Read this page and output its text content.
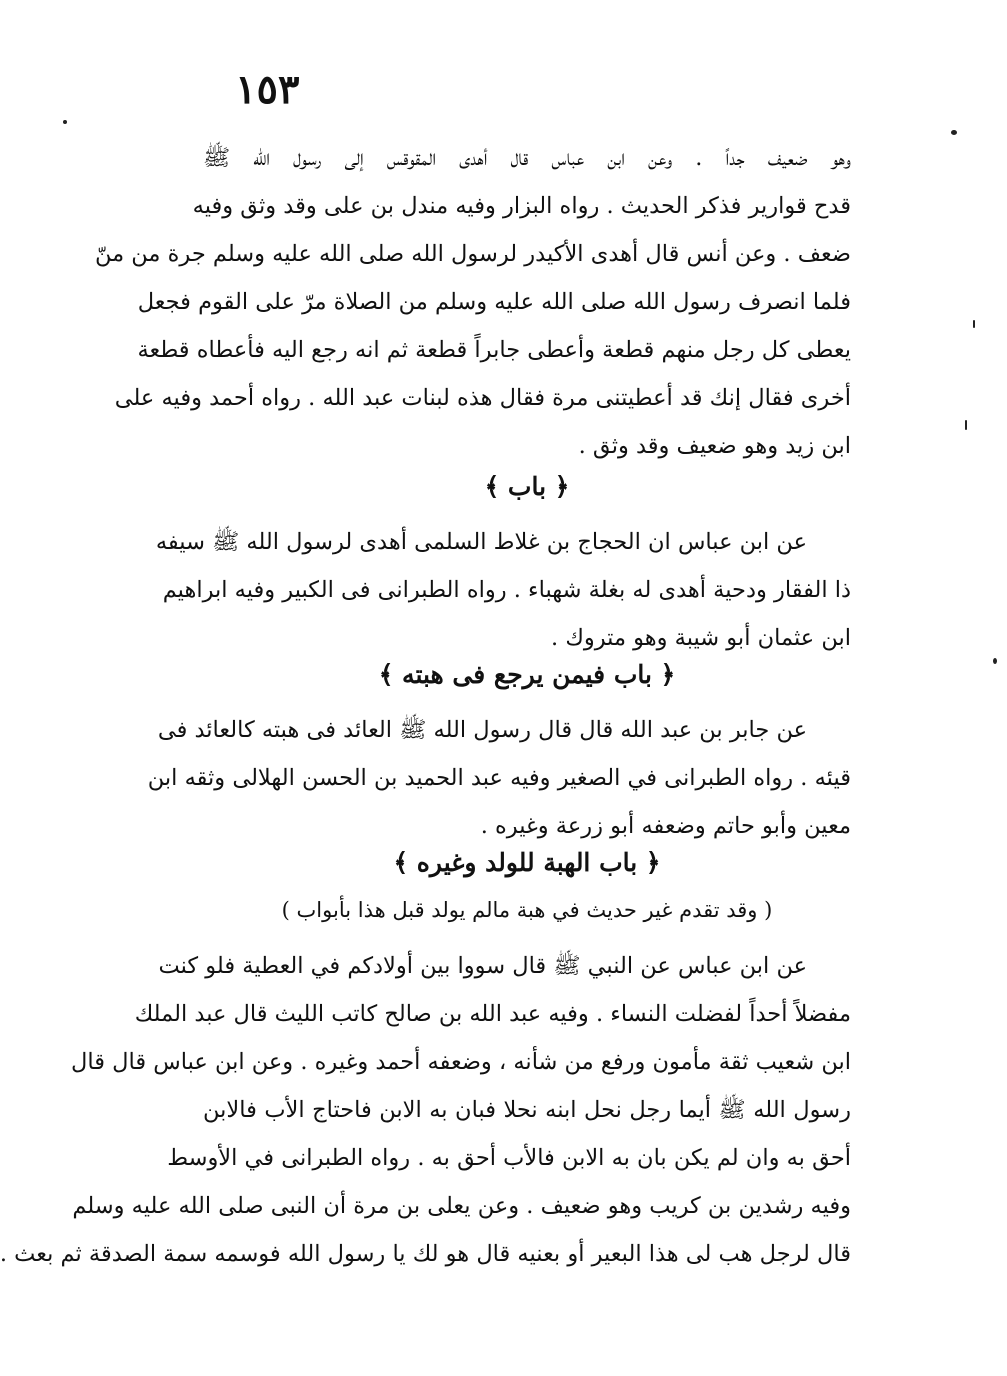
١٥٣
وهو ضعيف جداً . وعن ابن عباس قال أهدى المقوقس إلى رسول الله ﷺ
قدح قوارير فذكر الحديث . رواه البزار وفيه مندل بن على وقد وثق وفيه
ضعف . وعن أنس قال أهدى الأكيدر لرسول الله صلى الله عليه وسلم جرة من منّ
فلما انصرف رسول الله صلى الله عليه وسلم من الصلاة مرّ على القوم فجعل
يعطى كل رجل منهم قطعة وأعطى جابراً قطعة ثم انه رجع اليه فأعطاه قطعة
أخرى فقال إنك قد أعطيتنى مرة فقال هذه لبنات عبد الله . رواه أحمد وفيه على
ابن زيد وهو ضعيف وقد وثق .
﴿ باب ﴾
عن ابن عباس ان الحجاج بن غلاط السلمى أهدى لرسول الله ﷺ سيفه
ذا الفقار ودحية أهدى له بغلة شهباء . رواه الطبرانى فى الكبير وفيه ابراهيم
ابن عثمان أبو شيبة وهو متروك .
﴿ باب فيمن يرجع فى هبته ﴾
عن جابر بن عبد الله قال قال رسول الله ﷺ العائد فى هبته كالعائد فى
قيئه . رواه الطبرانى في الصغير وفيه عبد الحميد بن الحسن الهلالى وثقه ابن
معين وأبو حاتم وضعفه أبو زرعة وغيره .
﴿ باب الهبة للولد وغيره ﴾
( وقد تقدم غير حديث في هبة مالم يولد قبل هذا بأبواب )
عن ابن عباس عن النبي ﷺ قال سووا بين أولادكم في العطية فلو كنت
مفضلاً أحداً لفضلت النساء . وفيه عبد الله بن صالح كاتب الليث قال عبد الملك
ابن شعيب ثقة مأمون ورفع من شأنه ، وضعفه أحمد وغيره . وعن ابن عباس قال قال
رسول الله ﷺ أيما رجل نحل ابنه نحلا فبان به الابن فاحتاج الأب فالابن
أحق به وان لم يكن بان به الابن فالأب أحق به . رواه الطبرانى في الأوسط
وفيه رشدين بن كريب وهو ضعيف . وعن يعلى بن مرة أن النبى صلى الله عليه وسلم
قال لرجل هب لى هذا البعير أو بعنيه قال هو لك يا رسول الله فوسمه سمة الصدقة ثم بعث .
